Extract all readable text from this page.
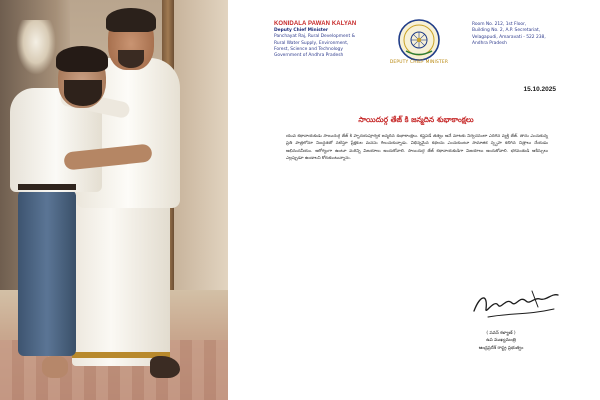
KONIDALA PAWAN KALYAN
Deputy Chief Minister
Panchayat Raj, Rural Development &
Rural Water Supply, Environment,
Forest, Science and Technology
Government of Andhra Pradesh
DEPUTY CHIEF MINISTER
Room No. 212, 1st Floor,
Building No. 2, A.P. Secretariat,
Velagapudi, Amaravati - 522 238,
Andhra Pradesh
15.10.2025
సాయిదుర్గ తేజ్ కి జన్మదిన శుభాకాంక్షలు

యువ కథానాయకుడు సాయిదుర్గ తేజ్ కి హృదయపూర్వక జన్మదిన శుభాకాంక్షలు. కష్టపడే తత్వం అనే మాటకు నిర్వచనంలా ఎదిగిన వ్యక్తి తేజ్. తాను ఎంచుకున్న ప్రతి పాత్రలోనూ నిబద్ధతతో నటిస్తూ ప్రేక్షకుల మనసు గెలుచుకున్నాడు. విభిన్నమైన కథలను ఎంచుకుంటూ సామాజిక స్పృహ కలిగిన చిత్రాలు చేయడం అభినందనీయం. ఆరోగ్యంగా ఉంటూ మరిన్ని విజయాలు అందుకోవాలి. సాయిదుర్గ తేజ్ కథానాయకుడిగా విజయాలు అందుకోవాలి. భగవంతుడి ఆశీస్సులు ఎల్లప్పుడూ ఉండాలని కోరుకుంటున్నాను.

( పవన్ కళ్యాణ్ )
ఉప ముఖ్యమంత్రి
ఆంధ్రప్రదేశ్ రాష్ట్ర ప్రభుత్వం
